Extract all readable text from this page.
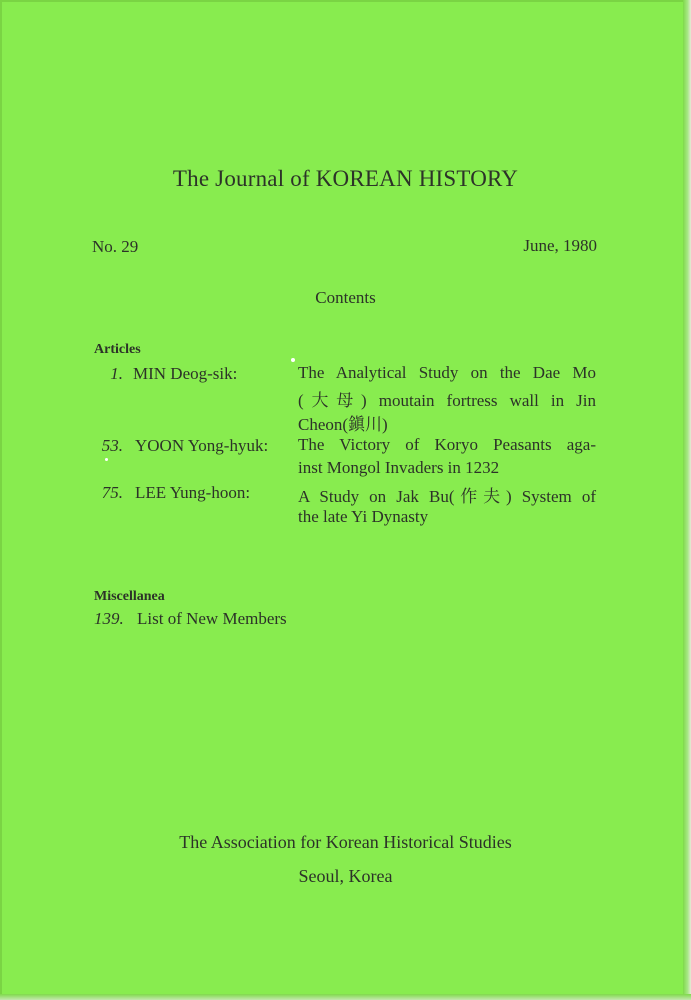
The Journal of KOREAN HISTORY
No. 29	June, 1980
Contents
Articles
1. MIN Deog-sik:	The Analytical Study on the Dae Mo
(大母) moutain fortress wall in Jin
Cheon(鎭川)
53. YOON Yong-hyuk: The Victory of Koryo Peasants aga-
inst Mongol Invaders in 1232
75. LEE Yung-hoon:	A Study on Jak Bu(作夫) System of
the late Yi Dynasty
Miscellanea
139. List of New Members
The Association for Korean Historical Studies
Seoul, Korea
